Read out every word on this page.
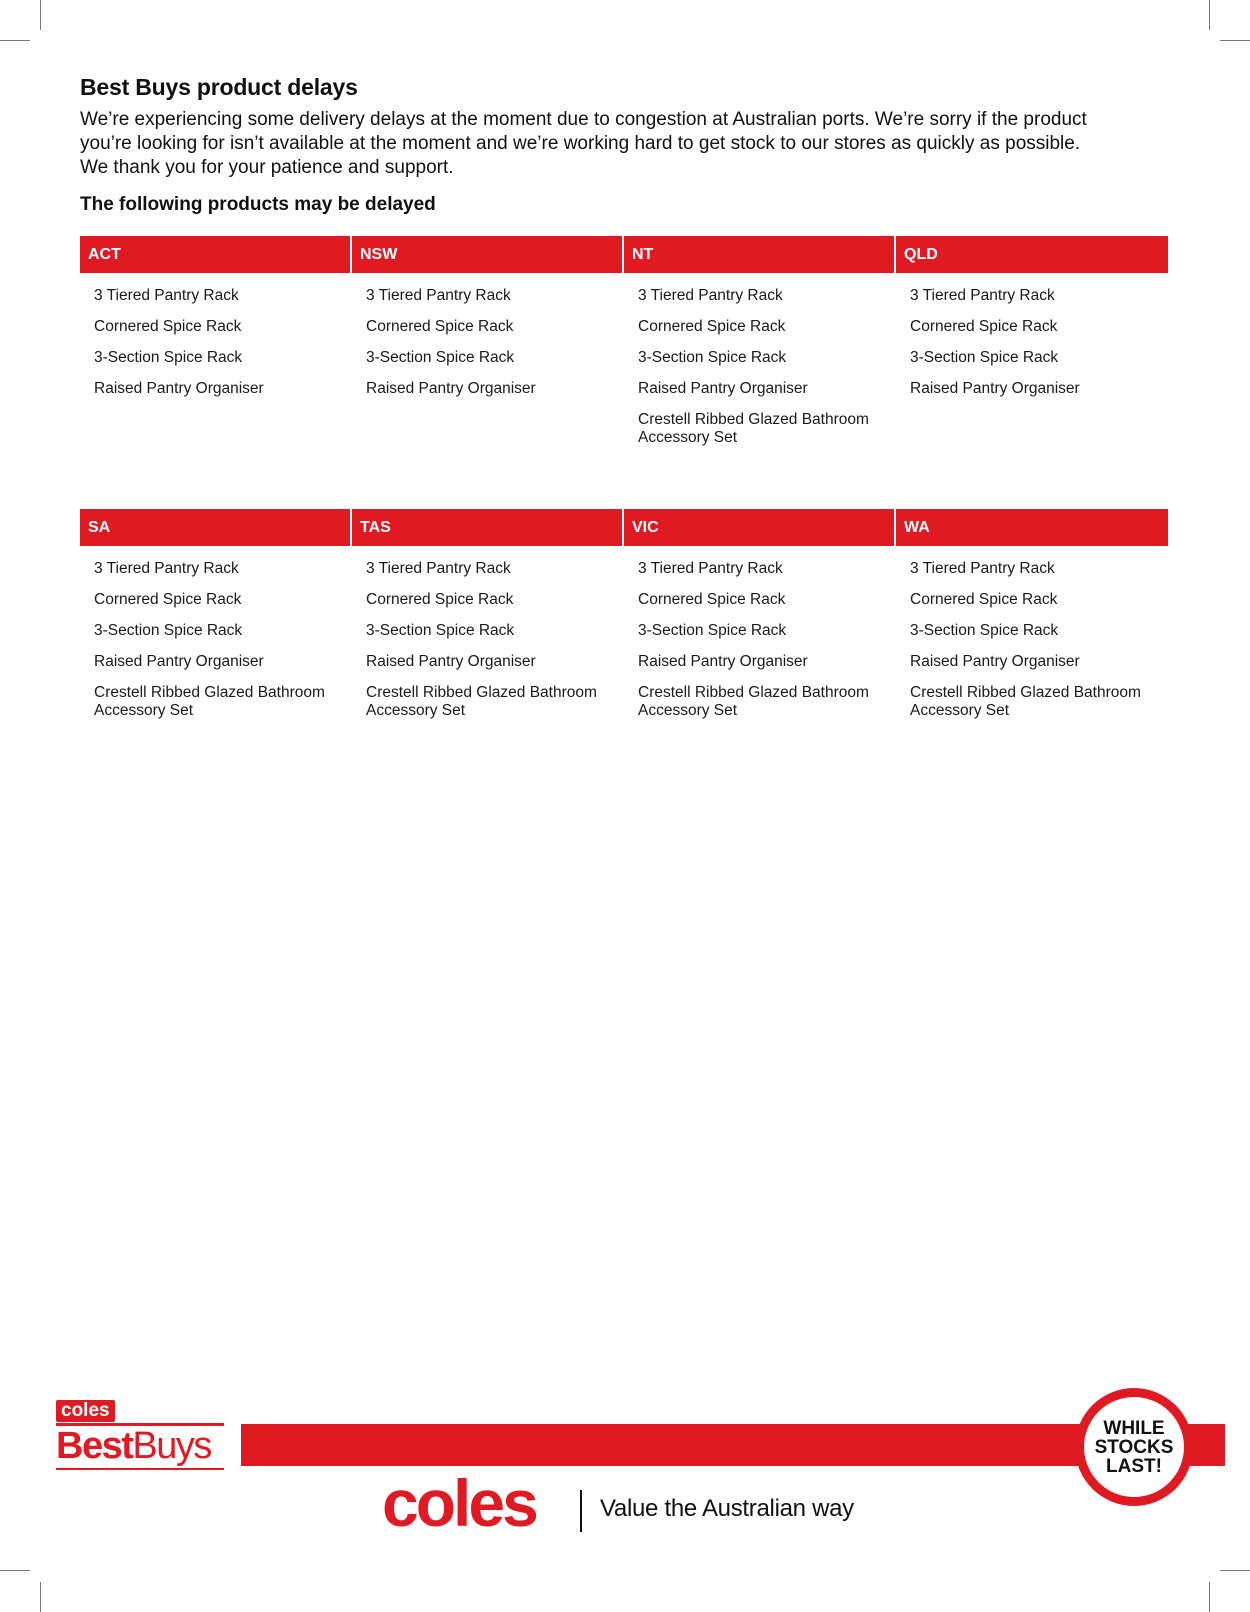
Best Buys product delays

We’re experiencing some delivery delays at the moment due to congestion at Australian ports. We’re sorry if the product
you’re looking for isn’t available at the moment and we’re working hard to get stock to our stores as quickly as possible.
We thank you for your patience and support.

The following products may be delayed
ACT
3 Tiered Pantry Rack
Cornered Spice Rack
3-Section Spice Rack
Raised Pantry Organiser
NSW
3 Tiered Pantry Rack
Cornered Spice Rack
3-Section Spice Rack
Raised Pantry Organiser
NT
3 Tiered Pantry Rack
Cornered Spice Rack
3-Section Spice Rack
Raised Pantry Organiser
Crestell Ribbed Glazed Bathroom Accessory Set
QLD
3 Tiered Pantry Rack
Cornered Spice Rack
3-Section Spice Rack
Raised Pantry Organiser
SA
3 Tiered Pantry Rack
Cornered Spice Rack
3-Section Spice Rack
Raised Pantry Organiser
Crestell Ribbed Glazed Bathroom Accessory Set
TAS
3 Tiered Pantry Rack
Cornered Spice Rack
3-Section Spice Rack
Raised Pantry Organiser
Crestell Ribbed Glazed Bathroom Accessory Set
VIC
3 Tiered Pantry Rack
Cornered Spice Rack
3-Section Spice Rack
Raised Pantry Organiser
Crestell Ribbed Glazed Bathroom Accessory Set
WA
3 Tiered Pantry Rack
Cornered Spice Rack
3-Section Spice Rack
Raised Pantry Organiser
Crestell Ribbed Glazed Bathroom Accessory Set
coles
BestBuys
coles	Value the Australian way
WHILE
STOCKS
LAST!
